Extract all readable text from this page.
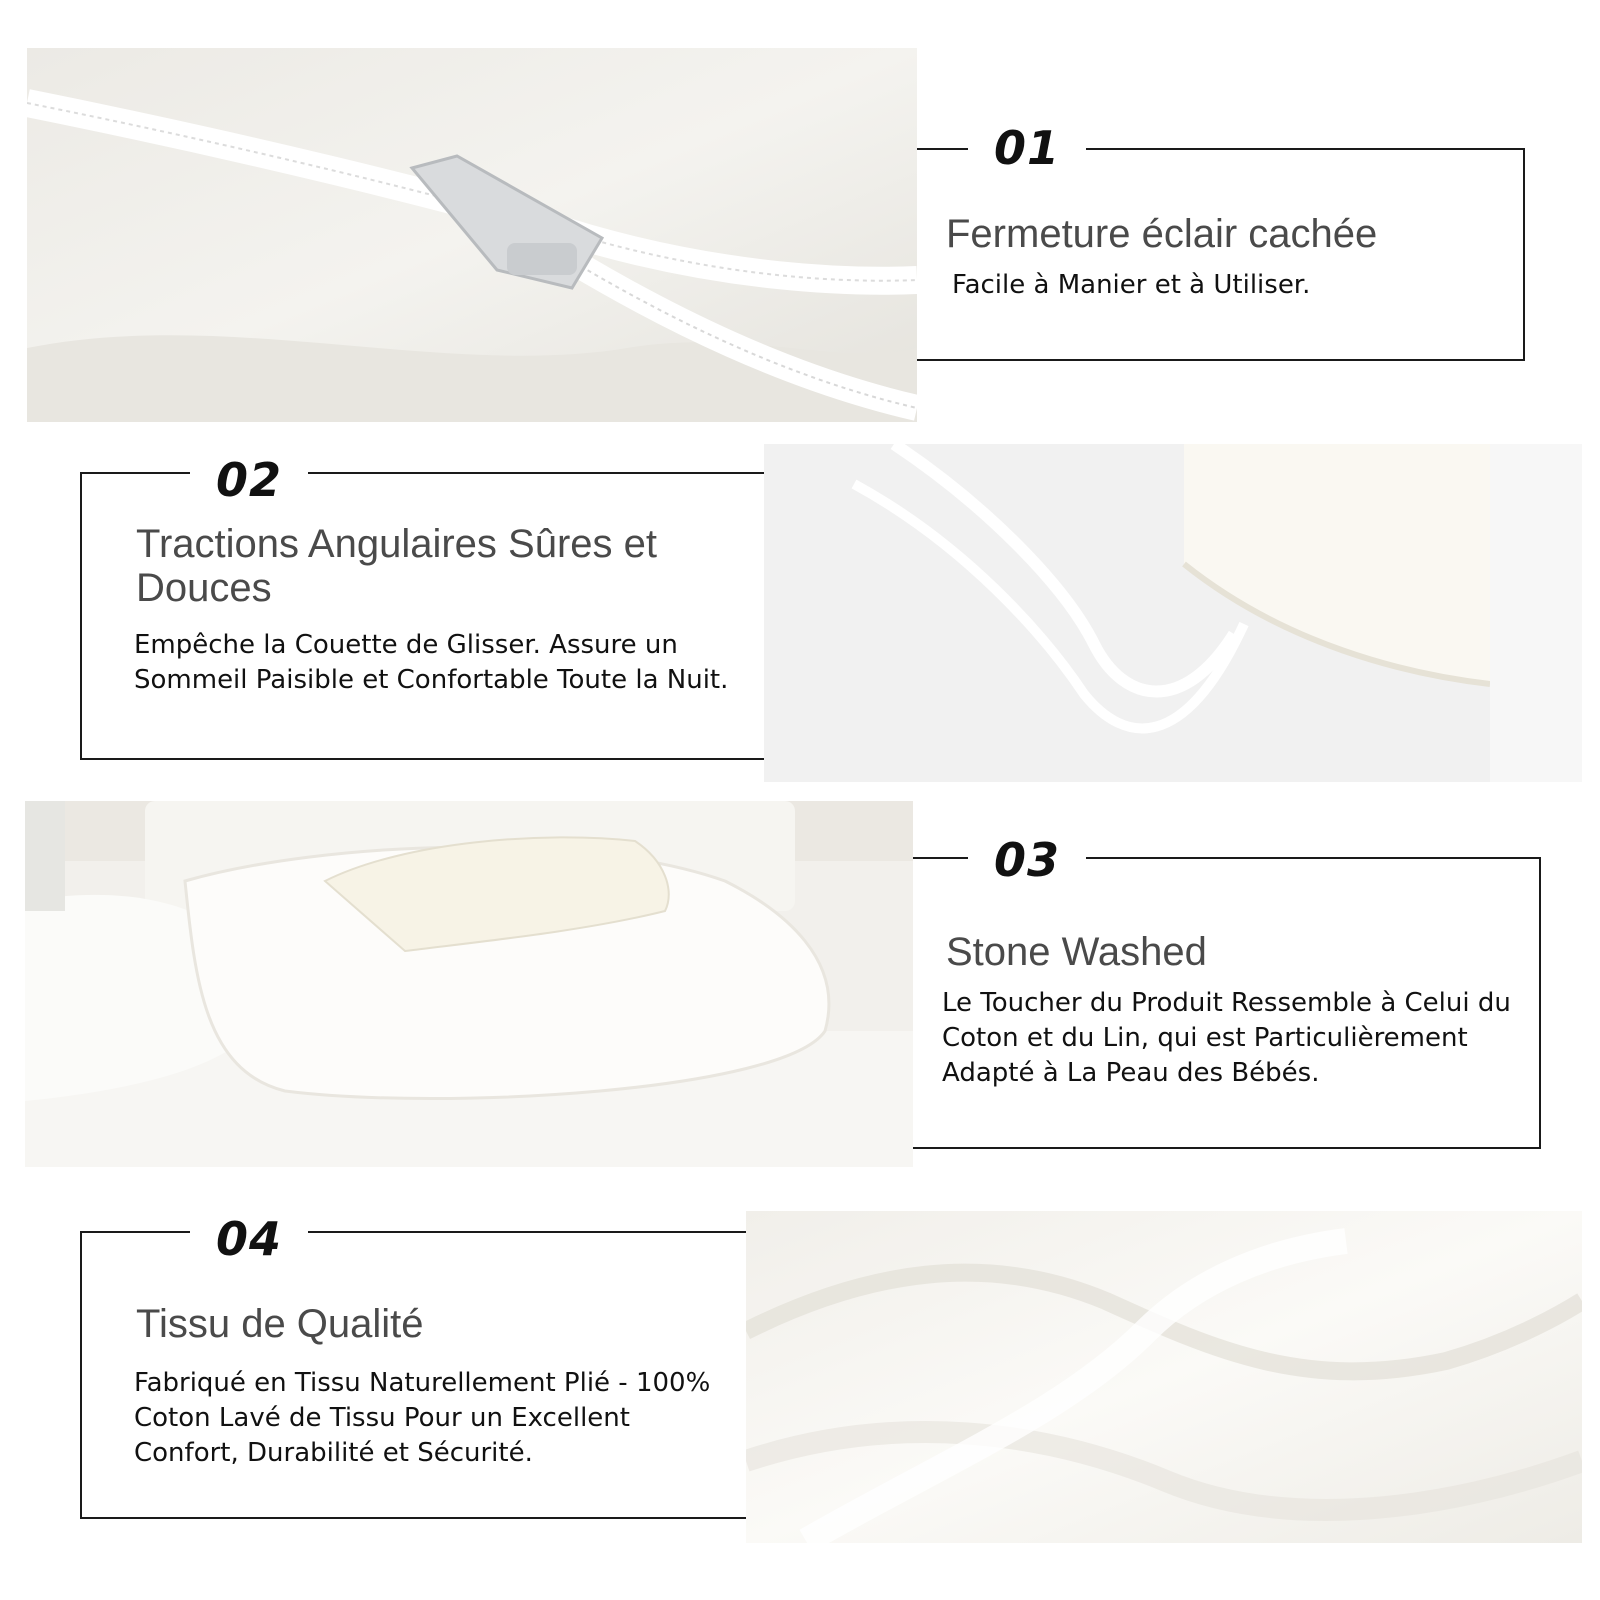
01
Fermeture éclair cachée
Facile à Manier et à Utiliser.
02
Tractions Angulaires Sûres et Douces
Empêche la Couette de Glisser. Assure un Sommeil Paisible et Confortable Toute la Nuit.
03
Stone Washed
Le Toucher du Produit Ressemble à Celui du Coton et du Lin, qui est Particulièrement Adapté à La Peau des Bébés.
04
Tissu de Qualité
Fabriqué en Tissu Naturellement Plié - 100% Coton Lavé de Tissu Pour un Excellent Confort, Durabilité et Sécurité.
